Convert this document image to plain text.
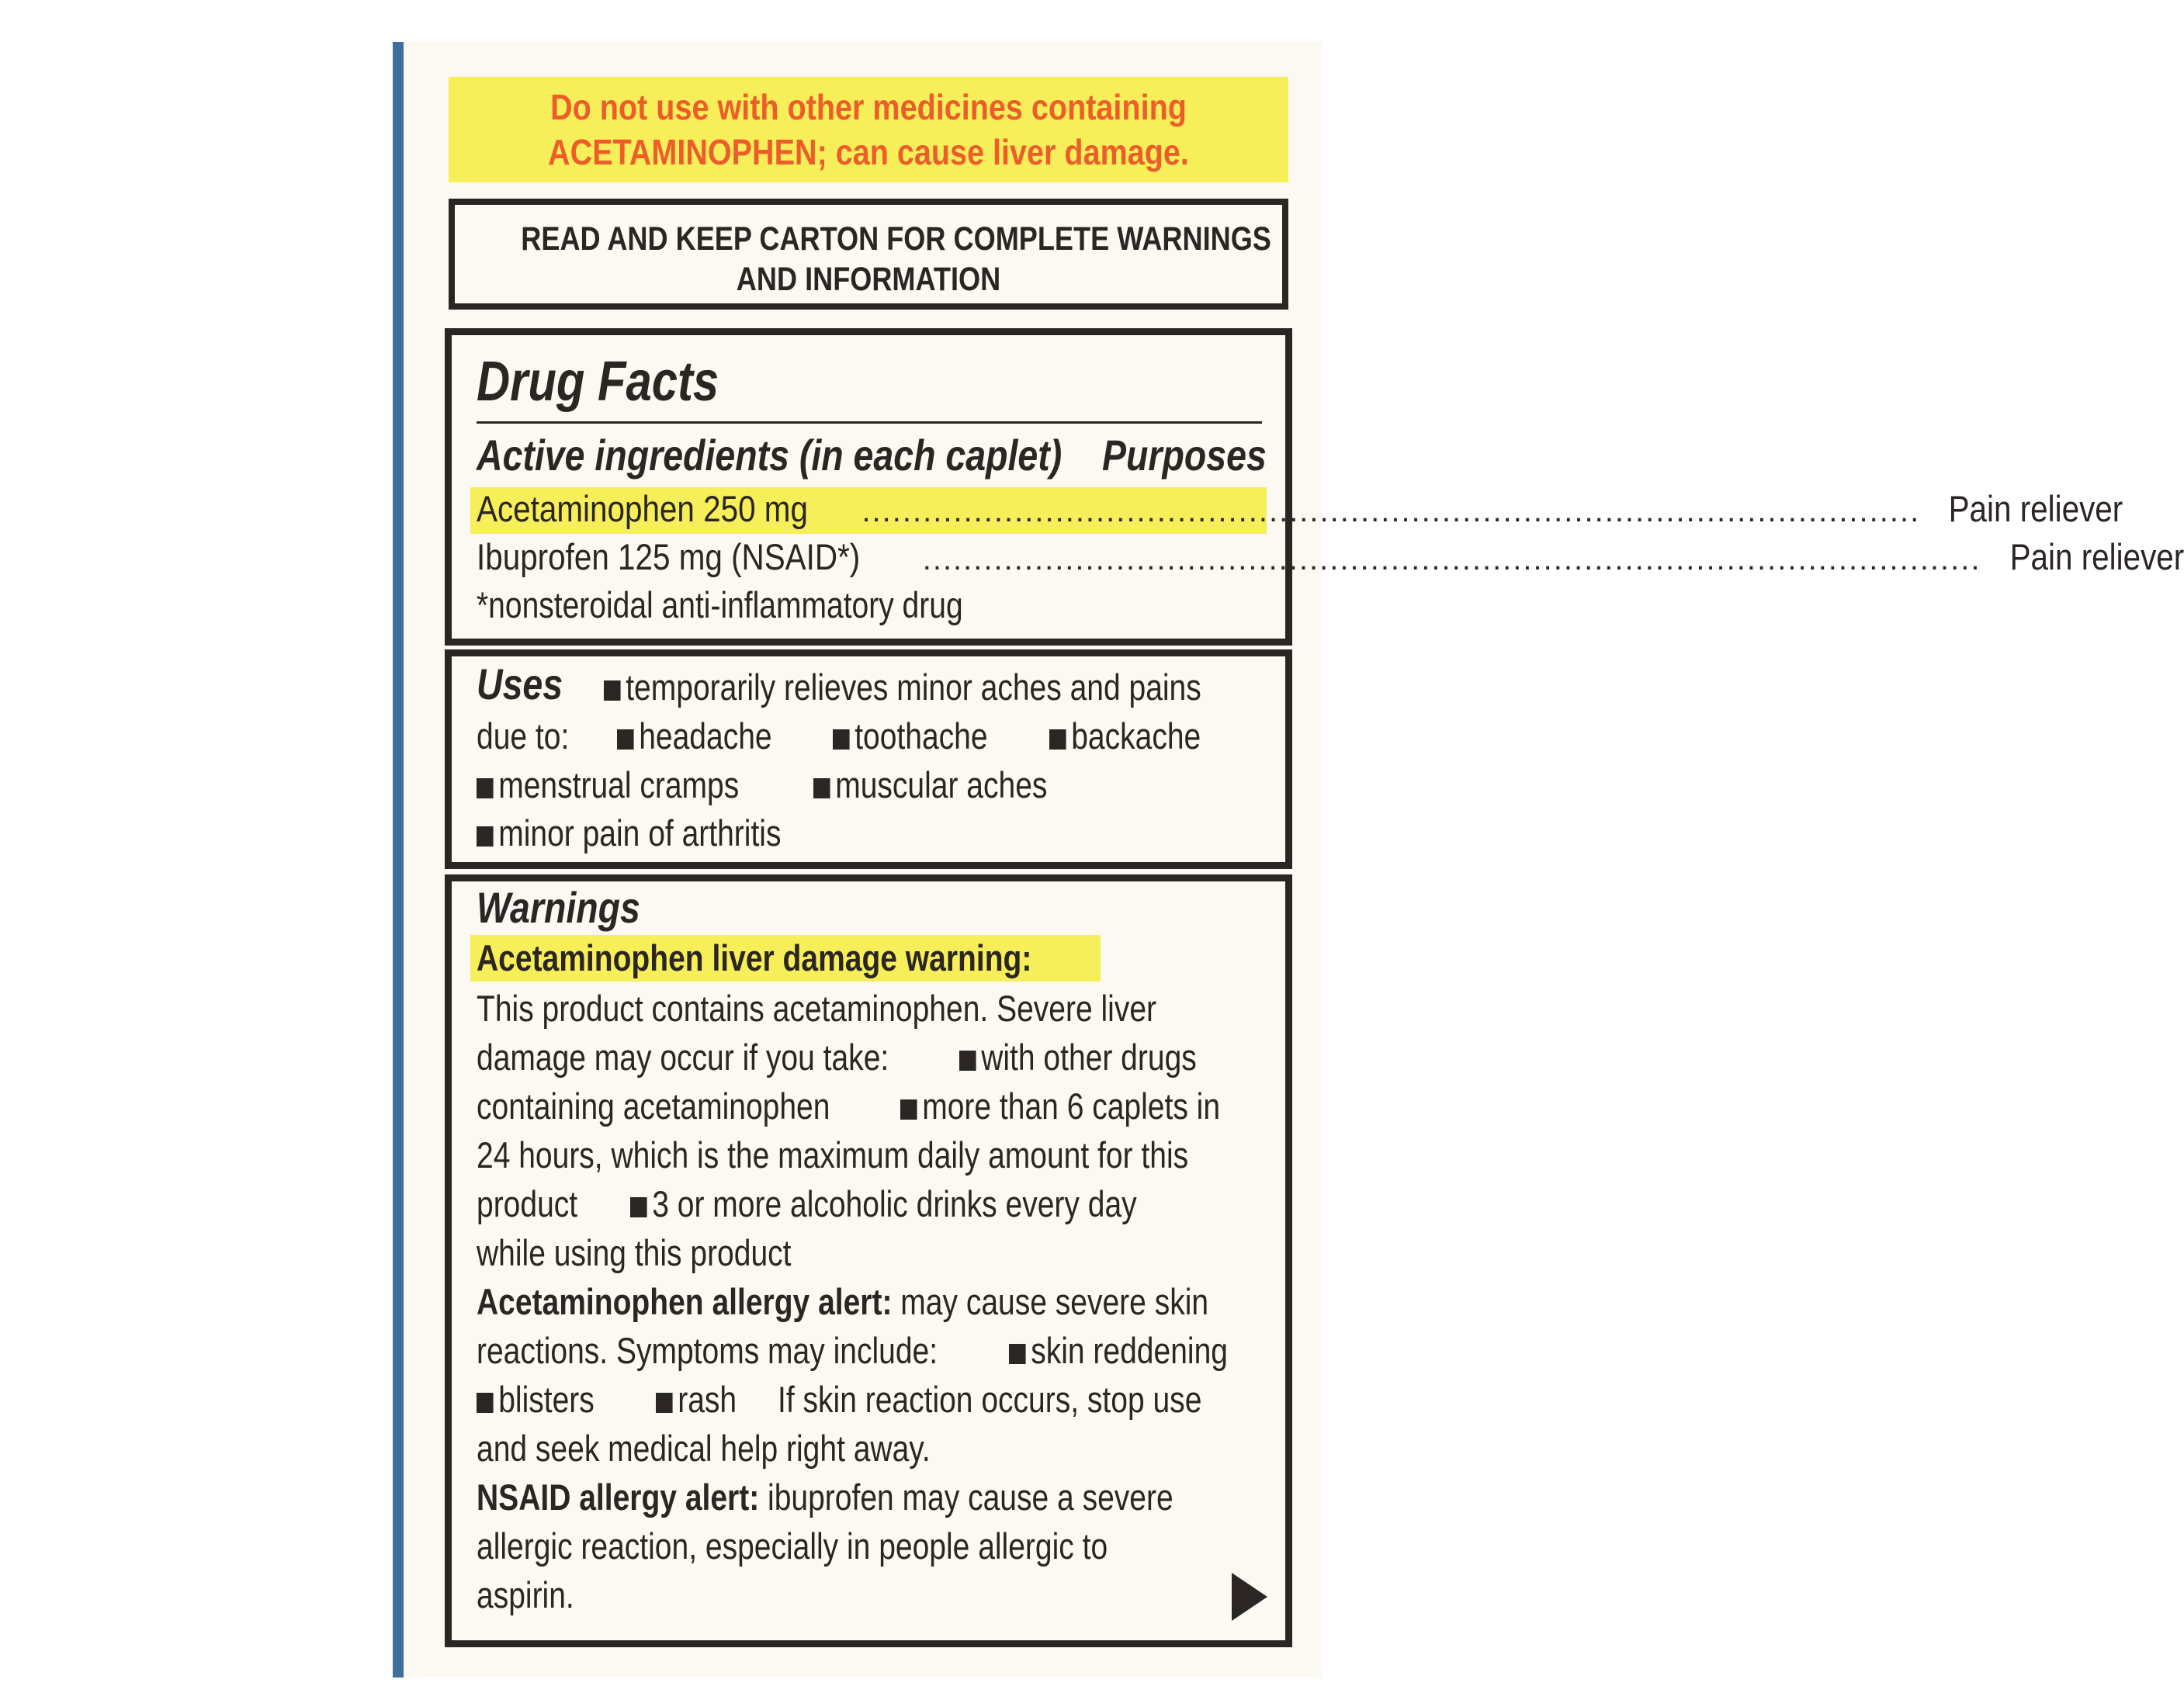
Do not use with other medicines containing
ACETAMINOPHEN; can cause liver damage.
READ AND KEEP CARTON FOR COMPLETE WARNINGS
AND INFORMATION
Drug Facts
Active ingredients (in each caplet) Purposes
Acetaminophen 250 mg ........................................................................................................ Pain reliever
Ibuprofen 125 mg (NSAID*) ........................................................................................................ Pain reliever
*nonsteroidal anti-inflammatory drug
Uses	temporarily relieves minor aches and pains
due to:	headache	toothache	backache
menstrual cramps	muscular aches
minor pain of arthritis
Warnings
Acetaminophen liver damage warning:
This product contains acetaminophen. Severe liver
damage may occur if you take:	with other drugs
containing acetaminophen	more than 6 caplets in
24 hours, which is the maximum daily amount for this
product	3 or more alcoholic drinks every day
while using this product
Acetaminophen allergy alert: may cause severe skin
reactions. Symptoms may include:	skin reddening
blisters	rash If skin reaction occurs, stop use
and seek medical help right away.
NSAID allergy alert: ibuprofen may cause a severe
allergic reaction, especially in people allergic to
aspirin.
